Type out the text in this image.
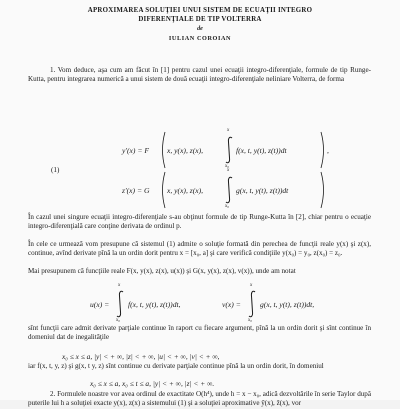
APROXIMAREA SOLUŢIEI UNUI SISTEM DE ECUAŢII INTEGRO
DIFERENŢIALE DE TIP VOLTERRA
de
IULIAN COROIAN
1. Vom deduce, aşa cum am făcut în [1] pentru cazul unei ecuaţii integro-diferenţiale, formule de tip Runge-Kutta, pentru integrarea numerică a unui sistem de două ecuaţii integro-diferenţiale neliniare Volterra, de forma
y′(x) = F x, y(x), z(x),
x
x₀
f(x, t, y(t), z(t))dt	,
(1)
z′(x) = G x, y(x), z(x),
x
x₀
g(x, t, y(t), z(t))dt
În cazul unei singure ecuaţii integro-diferenţiale s-au obţinut formule de tip Runge-Kutta în [2], chiar pentru o ecuaţie integro-diferenţială care conţine derivata de ordinul p.
În cele ce urmează vom presupune că sistemul (1) admite o soluţie formată din perechea de funcţii reale y(x) şi z(x), continue, avînd derivate pînă la un ordin dorit pentru x = [x₀, a] şi care verifică condiţiile y(x₀) = y₀, z(x₀) = z₀.
Mai presupunem că funcţiile reale F(x, y(x), z(x), u(x)) şi G(x, y(x), z(x), v(x)), unde am notat
u(x) =
x
x₀
f(x, t, y(t), z(t))dt,	v(x) =
x
x₀
g(x, t, y(t), z(t))dt,
sînt funcţii care admit derivate parţiale continue în raport cu fiecare argument, pînă la un ordin dorit şi sînt continue în domeniul dat de inegalităţile
x₀ ≤ x ≤ a, |y| < + ∞, |z| < + ∞, |u| < + ∞, |v| < + ∞,
iar f(x, t, y, z) şi g(x, t y, z) sînt continue cu derivate parţiale continue pînă la un ordin dorit, în domeniul
x₀ ≤ x ≤ a, x₀ ≤ t ≤ a, |y| < + ∞, |z| < + ∞.
2. Formulele noastre vor avea ordinul de exactitate O(h⁴), unde h = x − x₀, adică dezvoltările în serie Taylor după puterile lui h a soluţiei exacte y(x), z(x) a sistemului (1) şi a soluţiei aproximative ỹ(x), z̃(x), vor
